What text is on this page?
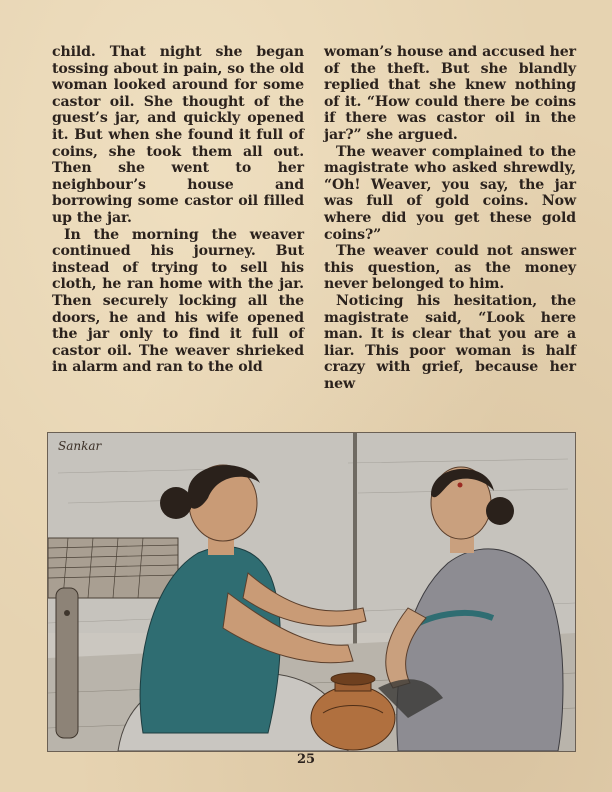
child. That night she began tossing about in pain, so the old woman looked around for some castor oil. She thought of the guest’s jar, and quickly opened it. But when she found it full of coins, she took them all out. Then she went to her neighbour’s house and borrowing some castor oil filled up the jar.

In the morning the weaver continued his journey. But instead of trying to sell his cloth, he ran home with the jar. Then securely locking all the doors, he and his wife opened the jar only to find it full of castor oil. The weaver shrieked in alarm and ran to the old

woman’s house and accused her of the theft. But she blandly replied that she knew nothing of it. “How could there be coins if there was castor oil in the jar?” she argued.

The weaver complained to the magistrate who asked shrewdly, “Oh! Weaver, you say, the jar was full of gold coins. Now where did you get these gold coins?”

The weaver could not answer this question, as the money never belonged to him.

Noticing his hesitation, the magistrate said, “Look here man. It is clear that you are a liar. This poor woman is half crazy with grief, because her new

Sankar
25
